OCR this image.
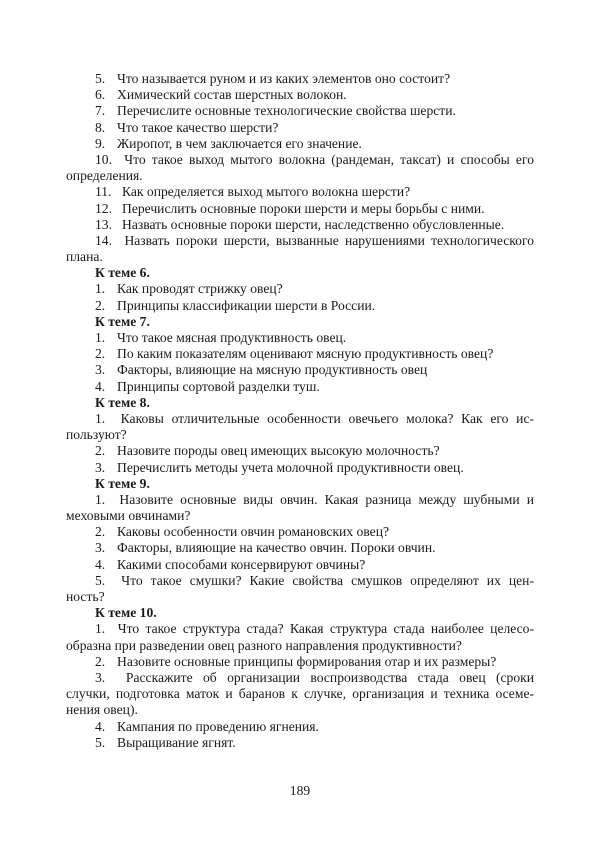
5. Что называется руном и из каких элементов оно состоит?
6. Химический состав шерстных волокон.
7. Перечислите основные технологические свойства шерсти.
8. Что такое качество шерсти?
9. Жиропот, в чем заключается его значение.
10.  Что такое выход мытого волокна (рандеман, таксат) и способы его
определения.
11. Как определяется выход мытого волокна шерсти?
12. Перечислить основные пороки шерсти и меры борьбы с ними.
13. Назвать основные пороки шерсти, наследственно обусловленные.
14.  Назвать пороки шерсти, вызванные нарушениями технологического
плана.
К теме 6.
1. Как проводят стрижку овец?
2. Принципы классификации шерсти в России.
К теме 7.
1. Что такое мясная продуктивность овец.
2. По каким показателям оценивают мясную продуктивность овец?
3. Факторы, влияющие на мясную продуктивность овец
4. Принципы сортовой разделки туш.
К теме 8.
1.  Каковы отличительные особенности овечьего молока? Как его ис-
пользуют?
2. Назовите породы овец имеющих высокую молочность?
3. Перечислить методы учета молочной продуктивности овец.
К теме 9.
1.  Назовите основные виды овчин. Какая разница между шубными и
меховыми овчинами?
2. Каковы особенности овчин романовских овец?
3. Факторы, влияющие на качество овчин. Пороки овчин.
4. Какими способами консервируют овчины?
5.  Что такое смушки? Какие свойства смушков определяют их цен-
ность?
К теме 10.
1.  Что такое структура стада? Какая структура стада наиболее целесо-
образна при разведении овец разного направления продуктивности?
2. Назовите основные принципы формирования отар и их размеры?
3.  Расскажите об организации воспроизводства стада овец (сроки
случки, подготовка маток и баранов к случке, организация и техника осеме-
нения овец).
4. Кампания по проведению ягнения.
5. Выращивание ягнят.
189
